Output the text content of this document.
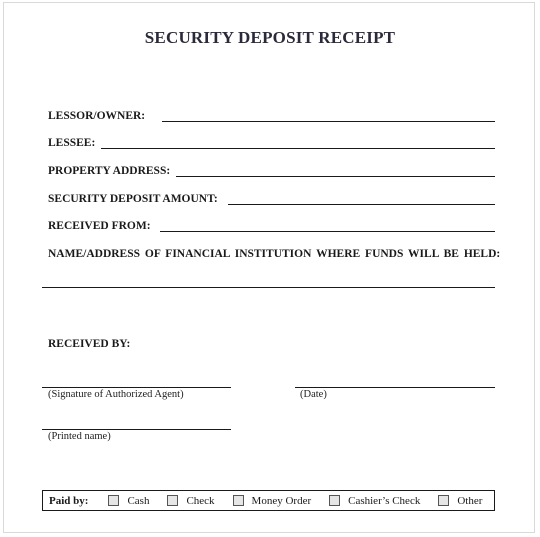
SECURITY DEPOSIT RECEIPT
LESSOR/OWNER:
LESSEE:
PROPERTY ADDRESS:
SECURITY DEPOSIT AMOUNT:
RECEIVED FROM:
NAME/ADDRESS OF FINANCIAL INSTITUTION WHERE FUNDS WILL BE HELD:
RECEIVED BY:
(Signature of Authorized Agent)	(Date)
(Printed name)
Paid by:	Cash	Check	Money Order	Cashier’s Check	Other
